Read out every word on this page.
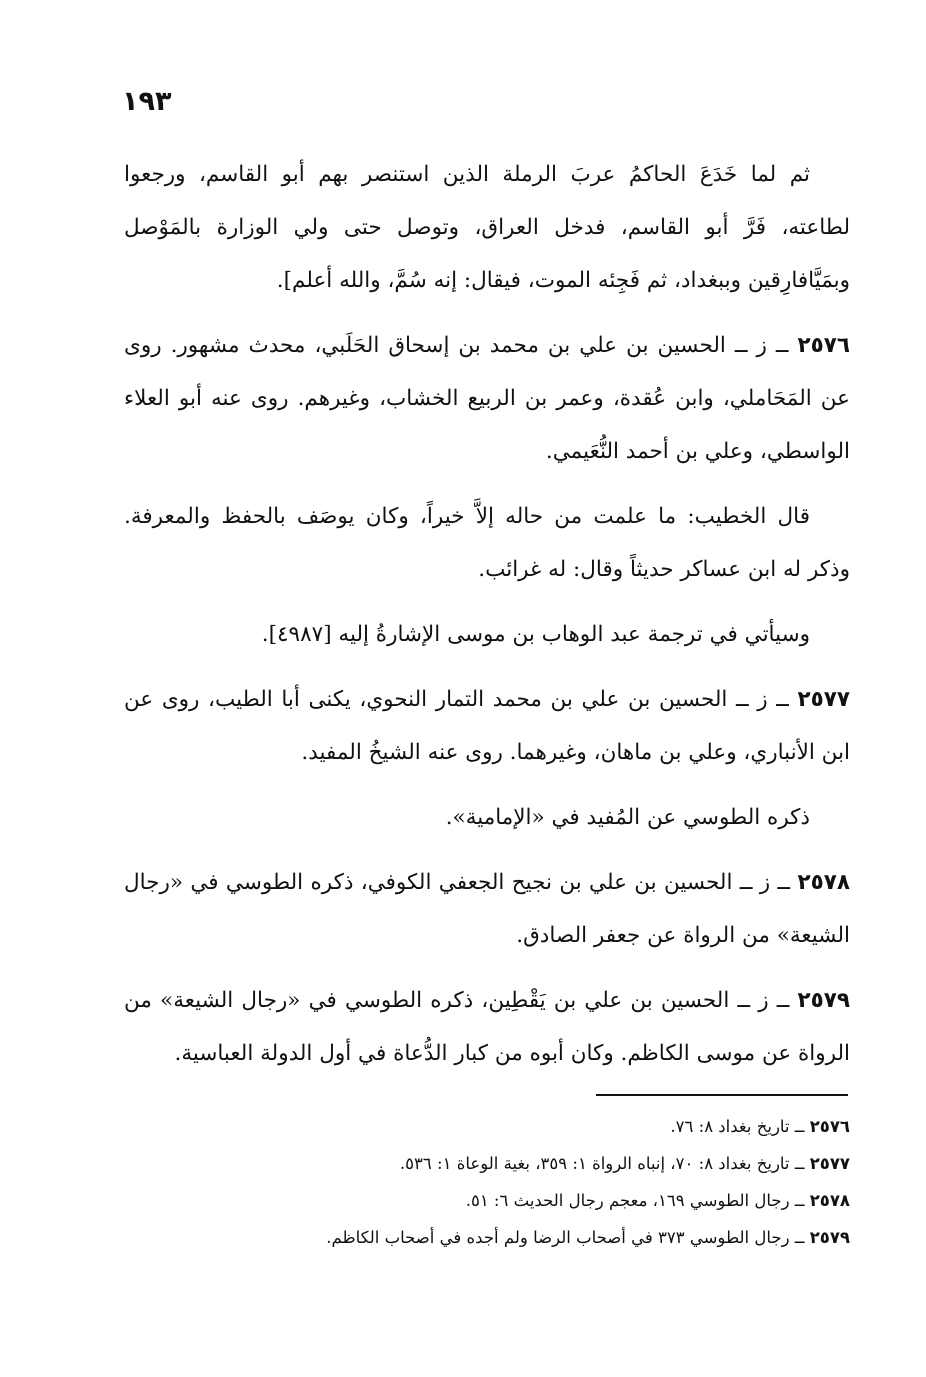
١٩٣

ثم لما خَدَعَ الحاكمُ عربَ الرملة الذين استنصر بهم أبو القاسم، ورجعوا لطاعته، فَرَّ أبو القاسم، فدخل العراق، وتوصل حتى ولي الوزارة بالمَوْصل وبمَيَّافارِقين وببغداد، ثم فَجِئه الموت، فيقال: إنه سُمَّ، والله أعلم].

٢٥٧٦ ــ ز ــ الحسين بن علي بن محمد بن إسحاق الحَلَبي، محدث مشهور. روى عن المَحَاملي، وابن عُقدة، وعمر بن الربيع الخشاب، وغيرهم. روى عنه أبو العلاء الواسطي، وعلي بن أحمد النُّعَيمي.

قال الخطيب: ما علمت من حاله إلاَّ خيراً، وكان يوصَف بالحفظ والمعرفة. وذكر له ابن عساكر حديثاً وقال: له غرائب.

وسيأتي في ترجمة عبد الوهاب بن موسى الإشارةُ إليه [٤٩٨٧].

٢٥٧٧ ــ ز ــ الحسين بن علي بن محمد التمار النحوي، يكنى أبا الطيب، روى عن ابن الأنباري، وعلي بن ماهان، وغيرهما. روى عنه الشيخُ المفيد.

ذكره الطوسي عن المُفيد في «الإمامية».

٢٥٧٨ ــ ز ــ الحسين بن علي بن نجيح الجعفي الكوفي، ذكره الطوسي في «رجال الشيعة» من الرواة عن جعفر الصادق.

٢٥٧٩ ــ ز ــ الحسين بن علي بن يَقْطِين، ذكره الطوسي في «رجال الشيعة» من الرواة عن موسى الكاظم. وكان أبوه من كبار الدُّعاة في أول الدولة العباسية.

٢٥٧٦ ــ تاريخ بغداد ٨: ٧٦.

٢٥٧٧ ــ تاريخ بغداد ٨: ٧٠، إنباه الرواة ١: ٣٥٩، بغية الوعاة ١: ٥٣٦.

٢٥٧٨ ــ رجال الطوسي ١٦٩، معجم رجال الحديث ٦: ٥١.

٢٥٧٩ ــ رجال الطوسي ٣٧٣ في أصحاب الرضا ولم أجده في أصحاب الكاظم.
